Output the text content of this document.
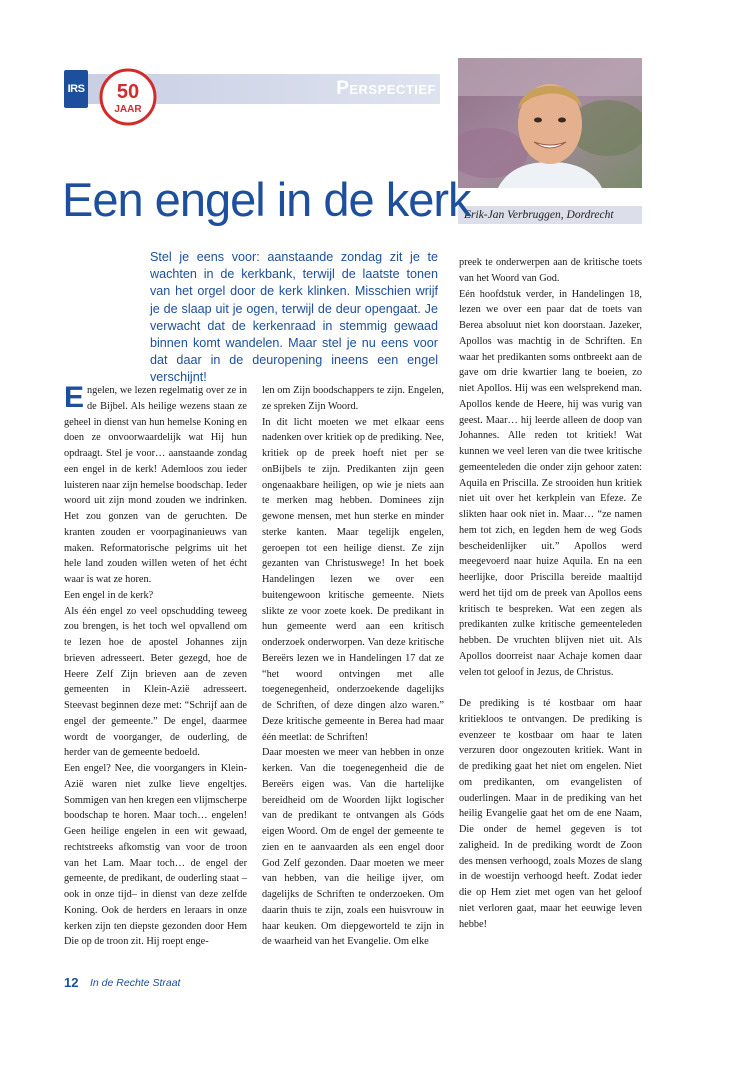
IRS	Perspectief
50
JAAR
Erik-Jan Verbruggen, Dordrecht
Een engel in de kerk
Stel je eens voor: aanstaande zondag zit je te wachten in de kerkbank, terwijl de laatste tonen van het orgel door de kerk klinken. Misschien wrijf je de slaap uit je ogen, terwijl de deur opengaat. Je verwacht dat de kerkenraad in stemmig gewaad binnen komt wandelen. Maar stel je nu eens voor dat daar in de deuropening ineens een engel verschijnt!

Engelen, we lezen regelmatig over ze in de Bijbel. Als heilige wezens staan ze geheel in dienst van hun hemelse Koning en doen ze onvoorwaardelijk wat Hij hun opdraagt. Stel je voor… aanstaande zondag een engel in de kerk! Ademloos zou ieder luisteren naar zijn hemelse boodschap. Ieder woord uit zijn mond zouden we indrinken. Het zou gonzen van de geruchten. De kranten zouden er voorpaginanieuws van maken. Reformatorische pelgrims uit het hele land zouden willen weten of het écht waar is wat ze horen.

Een engel in de kerk?

Als één engel zo veel opschudding teweeg zou brengen, is het toch wel opvallend om te lezen hoe de apostel Johannes zijn brieven adresseert. Beter gezegd, hoe de Heere Zelf Zijn brieven aan de zeven gemeenten in Klein-Azië adresseert. Steevast beginnen deze met: “Schrijf aan de engel der gemeente.” De engel, daarmee wordt de voorganger, de ouderling, de herder van de gemeente bedoeld.

Een engel? Nee, die voorgangers in Klein-Azië waren niet zulke lieve engeltjes. Sommigen van hen kregen een vlijmscherpe boodschap te horen. Maar toch… engelen! Geen heilige engelen in een wit gewaad, rechtstreeks afkomstig van voor de troon van het Lam. Maar toch… de engel der gemeente, de predikant, de ouderling staat – ook in onze tijd– in dienst van deze zelfde Koning. Ook de herders en leraars in onze kerken zijn ten diepste gezonden door Hem Die op de troon zit. Hij roept enge-

len om Zijn boodschappers te zijn. Engelen, ze spreken Zijn Woord.

In dit licht moeten we met elkaar eens nadenken over kritiek op de prediking. Nee, kritiek op de preek hoeft niet per se onBijbels te zijn. Predikanten zijn geen ongenaakbare heiligen, op wie je niets aan te merken mag hebben. Dominees zijn gewone mensen, met hun sterke en minder sterke kanten. Maar tegelijk engelen, geroepen tot een heilige dienst. Ze zijn gezanten van Christuswege! In het boek Handelingen lezen we over een buitengewoon kritische gemeente. Niets slikte ze voor zoete koek. De predikant in hun gemeente werd aan een kritisch onderzoek onderworpen. Van deze kritische Bereërs lezen we in Handelingen 17 dat ze “het woord ontvingen met alle toegenegenheid, onderzoekende dagelijks de Schriften, of deze dingen alzo waren.” Deze kritische gemeente in Berea had maar één meetlat: de Schriften!

Daar moesten we meer van hebben in onze kerken. Van die toegenegenheid die de Bereërs eigen was. Van die hartelijke bereidheid om de Woorden lijkt logischer van de predikant te ontvangen als Góds eigen Woord. Om de engel der gemeente te zien en te aanvaarden als een engel door God Zelf gezonden. Daar moeten we meer van hebben, van die heilige ijver, om dagelijks de Schriften te onderzoeken. Om daarin thuis te zijn, zoals een huisvrouw in haar keuken. Om diepgeworteld te zijn in de waarheid van het Evangelie. Om elke

preek te onderwerpen aan de kritische toets van het Woord van God.

Eén hoofdstuk verder, in Handelingen 18, lezen we over een paar dat de toets van Berea absoluut niet kon doorstaan. Jazeker, Apollos was machtig in de Schriften. En waar het predikanten soms ontbreekt aan de gave om drie kwartier lang te boeien, zo niet Apollos. Hij was een welsprekend man. Apollos kende de Heere, hij was vurig van geest. Maar… hij leerde alleen de doop van Johannes. Alle reden tot kritiek! Wat kunnen we veel leren van die twee kritische gemeenteleden die onder zijn gehoor zaten: Aquila en Priscilla. Ze strooiden hun kritiek niet uit over het kerkplein van Efeze. Ze slikten haar ook niet in. Maar… “ze namen hem tot zich, en legden hem de weg Gods bescheidenlijker uit.” Apollos werd meegevoerd naar huize Aquila. En na een heerlijke, door Priscilla bereide maaltijd werd het tijd om de preek van Apollos eens kritisch te bespreken. Wat een zegen als predikanten zulke kritische gemeenteleden hebben. De vruchten blijven niet uit. Als Apollos doorreist naar Achaje komen daar velen tot geloof in Jezus, de Christus.

De prediking is té kostbaar om haar kritiekloos te ontvangen. De prediking is evenzeer te kostbaar om haar te laten verzuren door ongezouten kritiek. Want in de prediking gaat het niet om engelen. Niet om predikanten, om evangelisten of ouderlingen. Maar in de prediking van het heilig Evangelie gaat het om de ene Naam, Die onder de hemel gegeven is tot zaligheid. In de prediking wordt de Zoon des mensen verhoogd, zoals Mozes de slang in de woestijn verhoogd heeft. Zodat ieder die op Hem ziet met ogen van het geloof niet verloren gaat, maar het eeuwige leven hebbe!

12 In de Rechte Straat
